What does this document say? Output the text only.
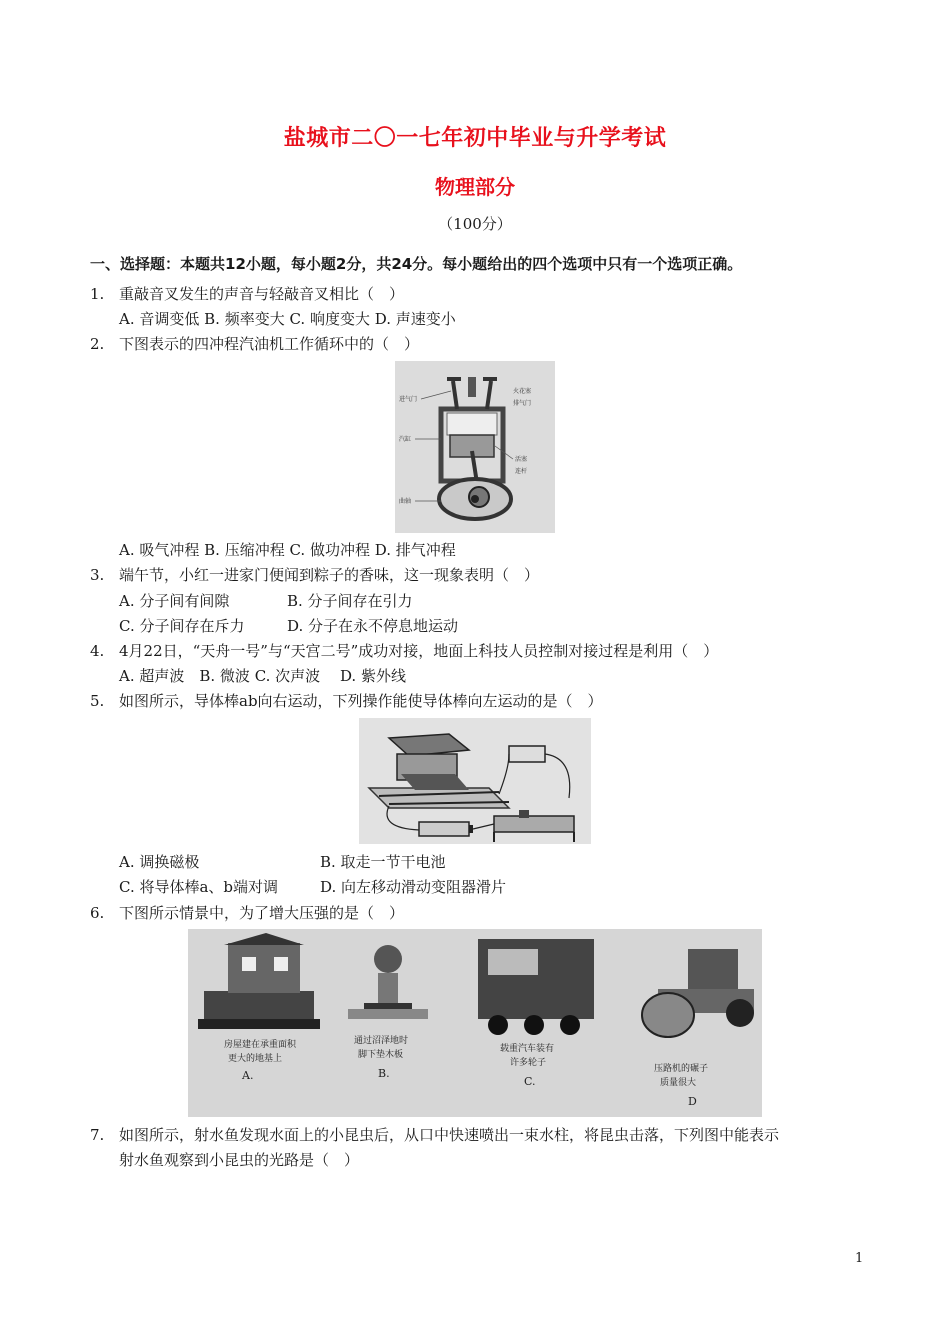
盐城市二〇一七年初中毕业与升学考试
物理部分
（100分）
一、选择题：本题共12小题，每小题2分，共24分。每小题给出的四个选项中只有一个选项正确。
1. 重敲音叉发生的声音与轻敲音叉相比（　）
A. 音调变低 B. 频率变大 C. 响度变大 D. 声速变小
2. 下图表示的四冲程汽油机工作循环中的（　）
进气门
火花塞
排气门
汽缸
活塞
连杆
曲轴
A. 吸气冲程 B. 压缩冲程 C. 做功冲程 D. 排气冲程
3. 端午节，小红一进家门便闻到粽子的香味，这一现象表明（　）
A. 分子间有间隙	B. 分子间存在引力
C. 分子间存在斥力	D. 分子在永不停息地运动
4. 4月22日，“天舟一号”与“天宫二号”成功对接，地面上科技人员控制对接过程是利用（　）
A. 超声波　B. 微波 C. 次声波　 D. 紫外线
5. 如图所示，导体棒ab向右运动，下列操作能使导体棒向左运动的是（　）
A. 调换磁极	B. 取走一节干电池
C. 将导体棒a、b端对调	D. 向左移动滑动变阻器滑片
6. 下图所示情景中，为了增大压强的是（　）
房屋建在承重面积
更大的地基上
A.
通过沼泽地时
脚下垫木板
B.
载重汽车装有
许多轮子
C.
压路机的碾子
质量很大
D
7. 如图所示，射水鱼发现水面上的小昆虫后，从口中快速喷出一束水柱，将昆虫击落，下列图中能表示
射水鱼观察到小昆虫的光路是（　）
1
